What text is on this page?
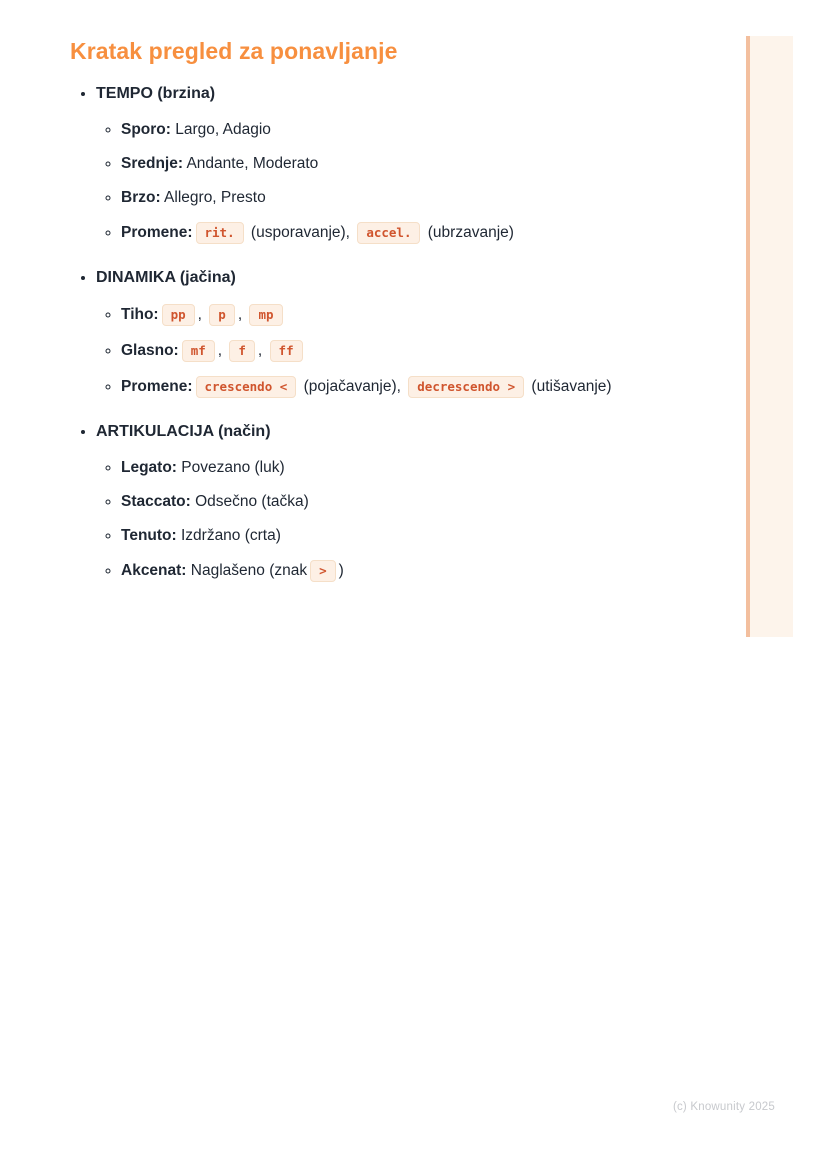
Kratak pregled za ponavljanje
• TEMPO (brzina)
◦ Sporo: Largo, Adagio
◦ Srednje: Andante, Moderato
◦ Brzo: Allegro, Presto
◦ Promene: rit. (usporavanje), accel. (ubrzavanje)
• DINAMIKA (jačina)
◦ Tiho: pp , p , mp
◦ Glasno: mf , f , ff
◦ Promene: crescendo < (pojačavanje), decrescendo > (utišavanje)
• ARTIKULACIJA (način)
◦ Legato: Povezano (luk)
◦ Staccato: Odsečno (tačka)
◦ Tenuto: Izdržano (crta)
◦ Akcenat: Naglašeno (znak > )
(c) Knowunity 2025
